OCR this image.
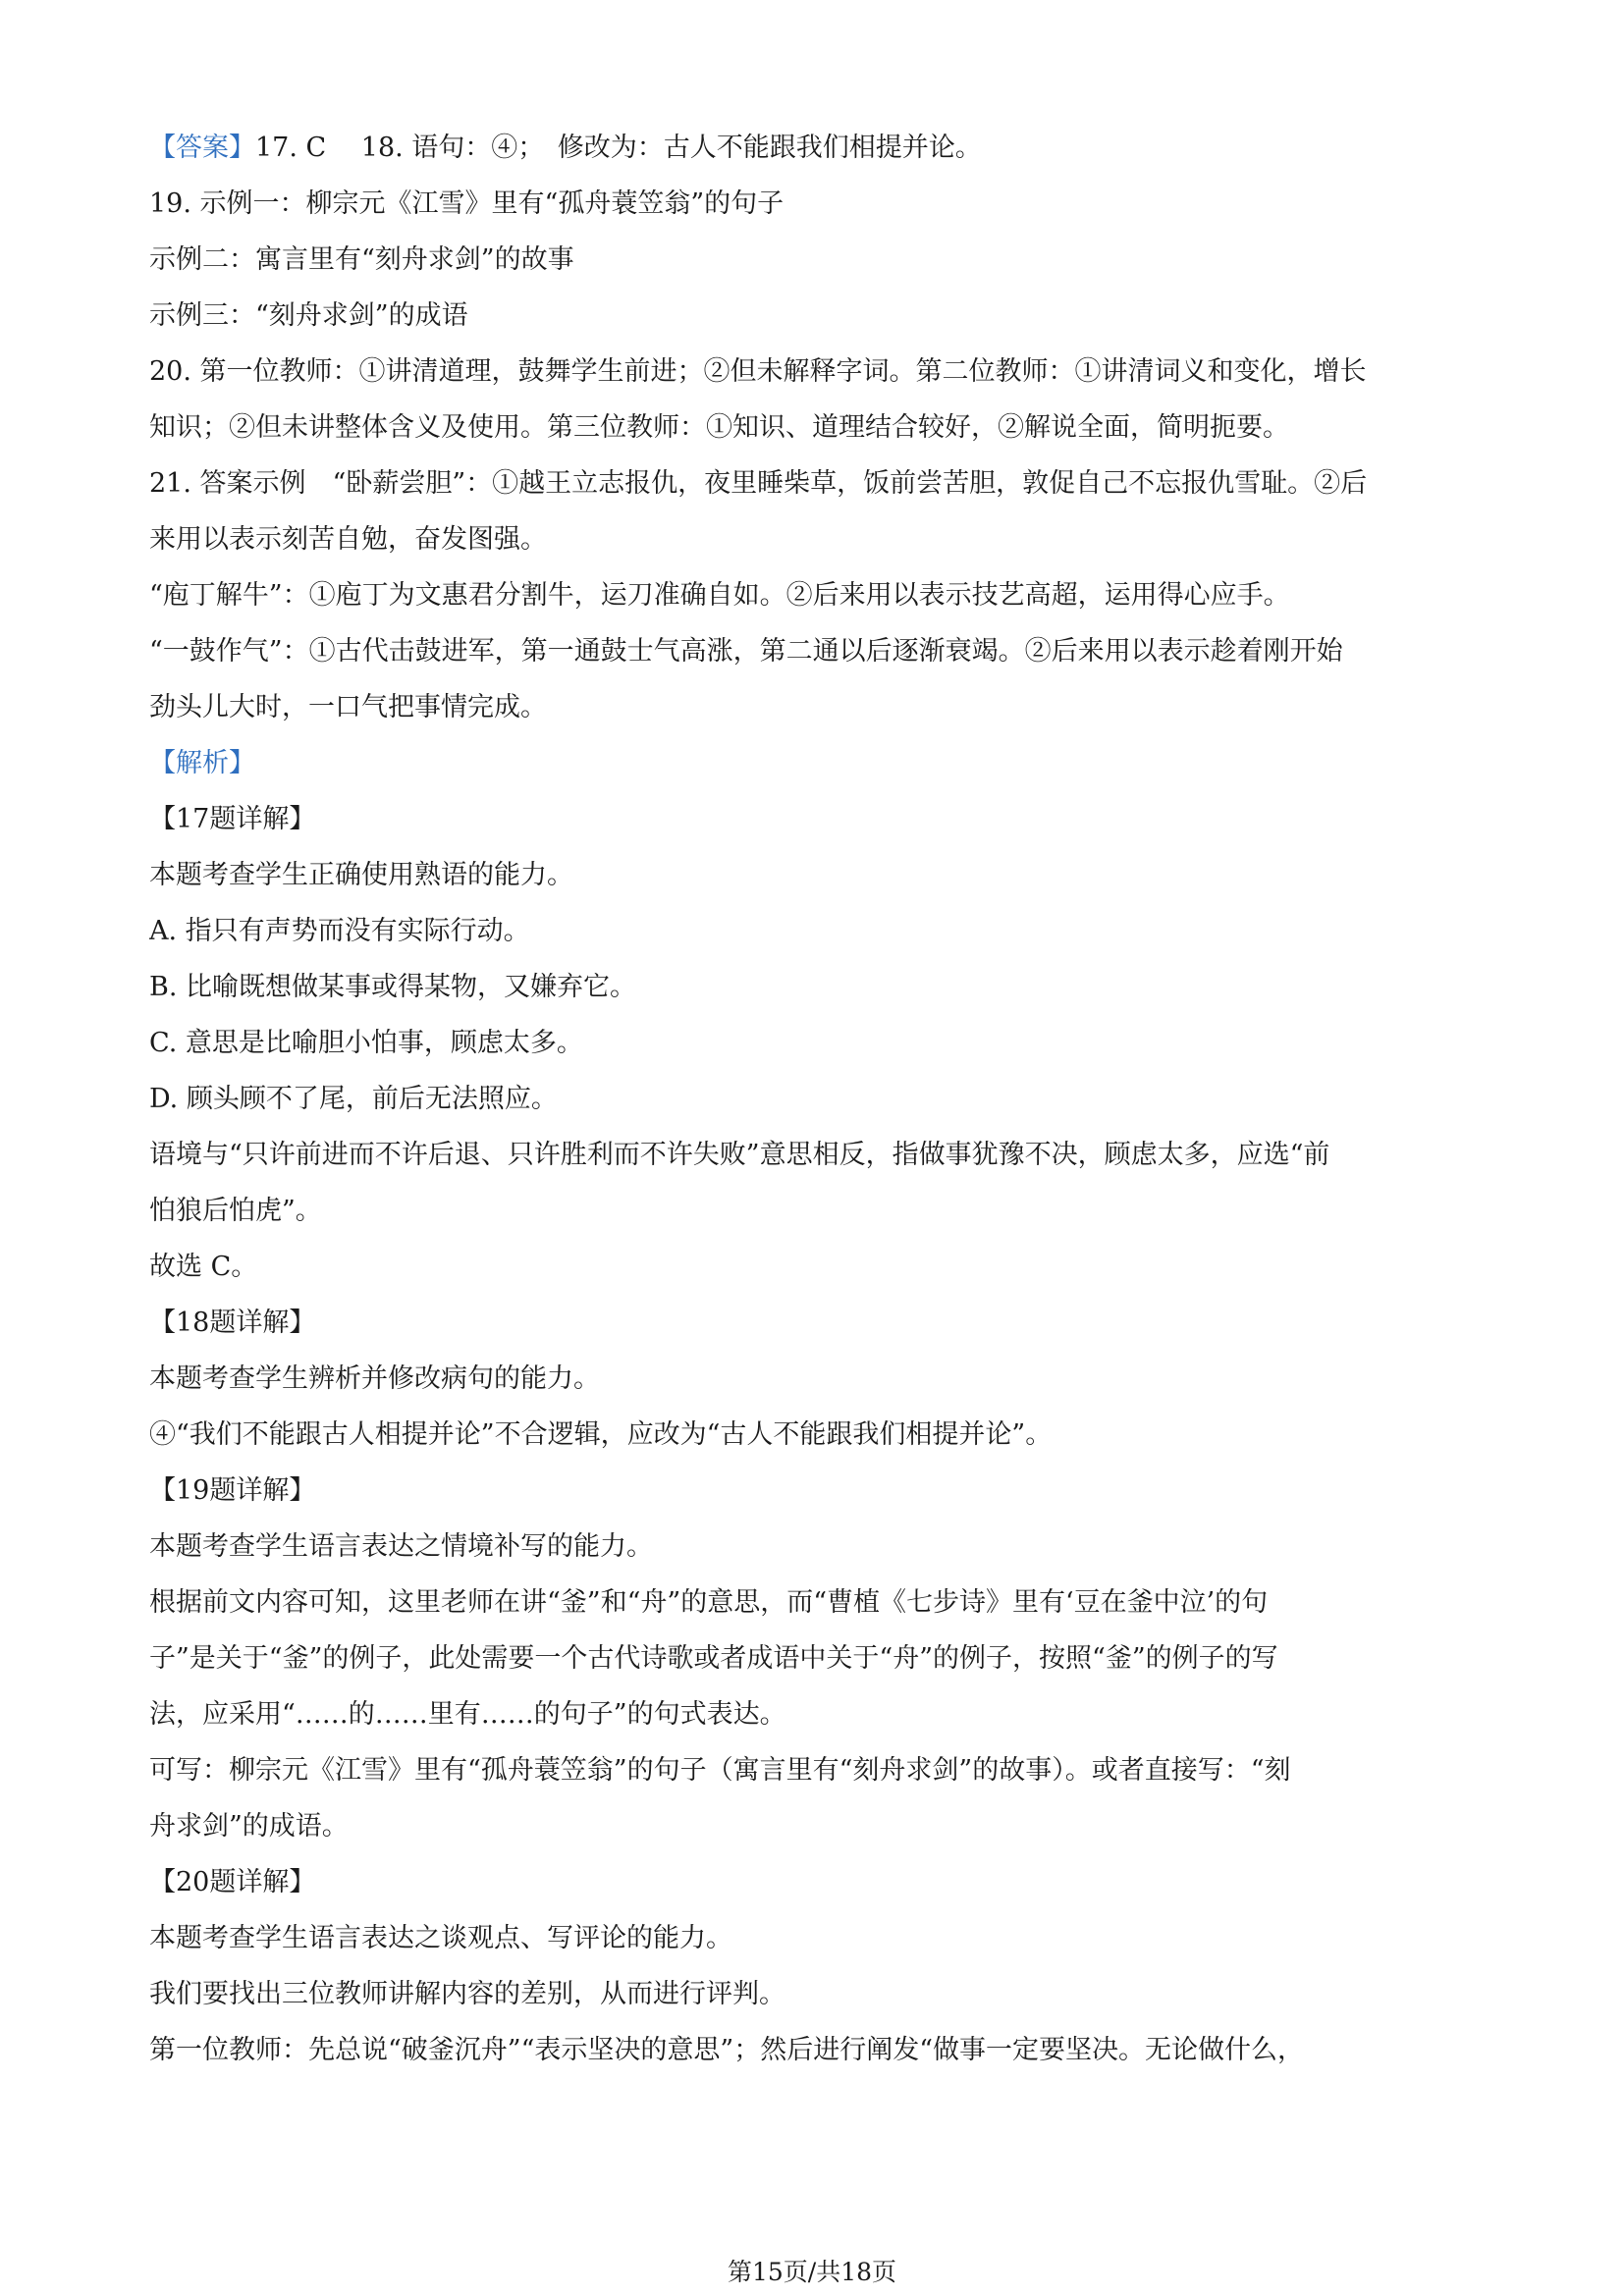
【答案】17. C　 18. 语句：④；　修改为：古人不能跟我们相提并论。
19. 示例一：柳宗元《江雪》里有“孤舟蓑笠翁”的句子
示例二：寓言里有“刻舟求剑”的故事
示例三：“刻舟求剑”的成语
20. 第一位教师：①讲清道理，鼓舞学生前进；②但未解释字词。第二位教师：①讲清词义和变化，增长
知识；②但未讲整体含义及使用。第三位教师：①知识、道理结合较好，②解说全面，简明扼要。
21. 答案示例　“卧薪尝胆”：①越王立志报仇，夜里睡柴草，饭前尝苦胆，敦促自己不忘报仇雪耻。②后
来用以表示刻苦自勉，奋发图强。
“庖丁解牛”：①庖丁为文惠君分割牛，运刀准确自如。②后来用以表示技艺高超，运用得心应手。
“一鼓作气”：①古代击鼓进军，第一通鼓士气高涨，第二通以后逐渐衰竭。②后来用以表示趁着刚开始
劲头儿大时，一口气把事情完成。
【解析】
【17题详解】
本题考查学生正确使用熟语的能力。
A. 指只有声势而没有实际行动。
B. 比喻既想做某事或得某物，又嫌弃它。
C. 意思是比喻胆小怕事，顾虑太多。
D. 顾头顾不了尾，前后无法照应。
语境与“只许前进而不许后退、只许胜利而不许失败”意思相反，指做事犹豫不决，顾虑太多，应选“前
怕狼后怕虎”。
故选 C。
【18题详解】
本题考查学生辨析并修改病句的能力。
④“我们不能跟古人相提并论”不合逻辑，应改为“古人不能跟我们相提并论”。
【19题详解】
本题考查学生语言表达之情境补写的能力。
根据前文内容可知，这里老师在讲“釜”和“舟”的意思，而“曹植《七步诗》里有‘豆在釜中泣’的句
子”是关于“釜”的例子，此处需要一个古代诗歌或者成语中关于“舟”的例子，按照“釜”的例子的写
法，应采用“……的……里有……的句子”的句式表达。
可写：柳宗元《江雪》里有“孤舟蓑笠翁”的句子（寓言里有“刻舟求剑”的故事）。或者直接写：“刻
舟求剑”的成语。
【20题详解】
本题考查学生语言表达之谈观点、写评论的能力。
我们要找出三位教师讲解内容的差别，从而进行评判。
第一位教师：先总说“破釜沉舟”“表示坚决的意思”；然后进行阐发“做事一定要坚决。无论做什么，
第15页/共18页
